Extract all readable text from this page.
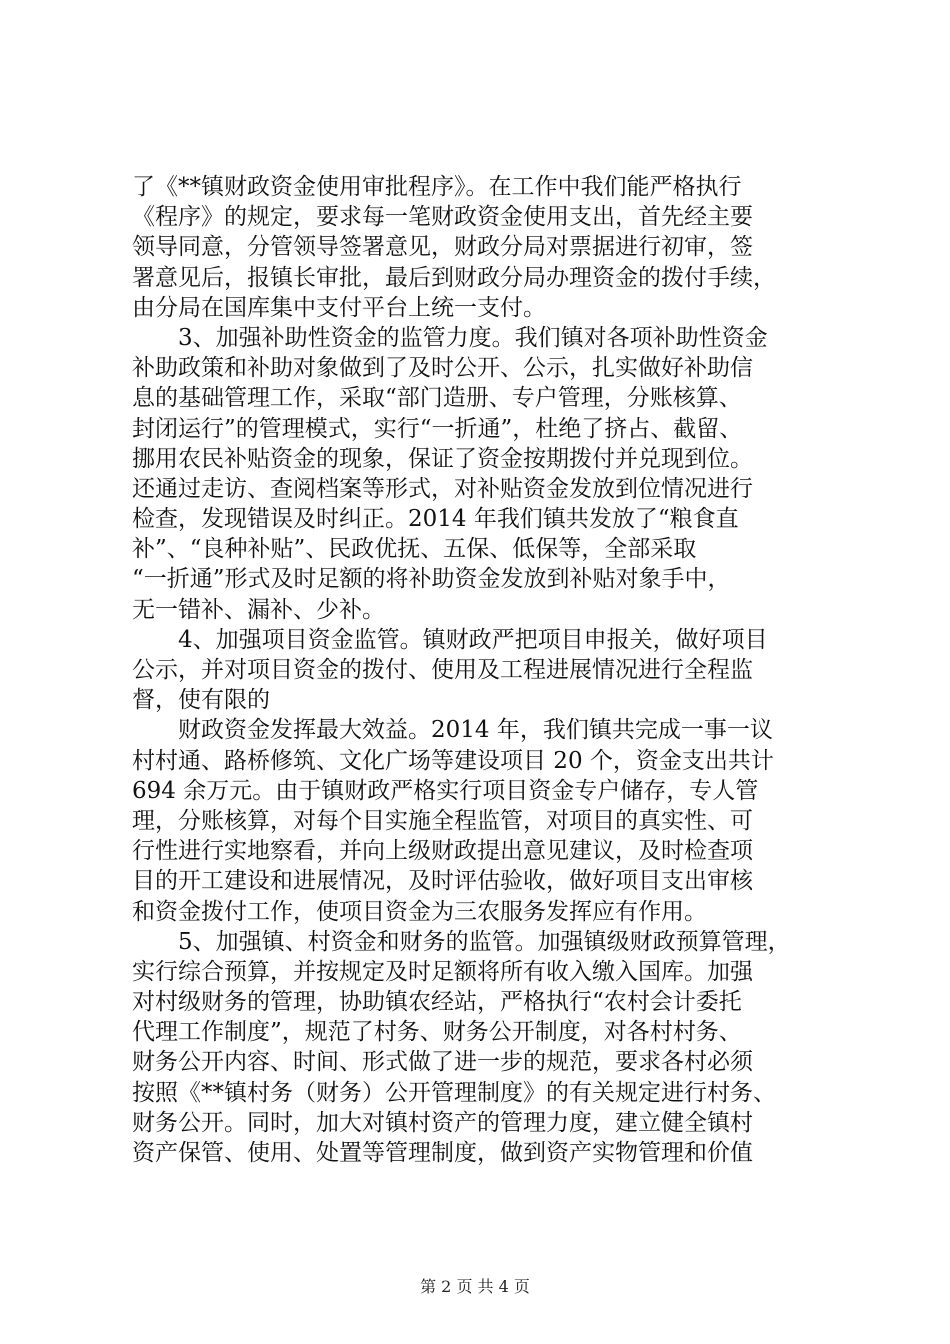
了《**镇财政资金使用审批程序》。在工作中我们能严格执行
《程序》的规定，要求每一笔财政资金使用支出，首先经主要
领导同意，分管领导签署意见，财政分局对票据进行初审，签
署意见后，报镇长审批，最后到财政分局办理资金的拨付手续，
由分局在国库集中支付平台上统一支付。
3、加强补助性资金的监管力度。我们镇对各项补助性资金
补助政策和补助对象做到了及时公开、公示，扎实做好补助信
息的基础管理工作，采取“部门造册、专户管理，分账核算、
封闭运行”的管理模式，实行“一折通”，杜绝了挤占、截留、
挪用农民补贴资金的现象，保证了资金按期拨付并兑现到位。
还通过走访、查阅档案等形式，对补贴资金发放到位情况进行
检查，发现错误及时纠正。2014 年我们镇共发放了“粮食直
补”、“良种补贴”、民政优抚、五保、低保等，全部采取
“一折通”形式及时足额的将补助资金发放到补贴对象手中，
无一错补、漏补、少补。
4、加强项目资金监管。镇财政严把项目申报关，做好项目
公示，并对项目资金的拨付、使用及工程进展情况进行全程监
督，使有限的
财政资金发挥最大效益。2014 年，我们镇共完成一事一议
村村通、路桥修筑、文化广场等建设项目 20 个，资金支出共计
694 余万元。由于镇财政严格实行项目资金专户储存，专人管
理，分账核算，对每个目实施全程监管，对项目的真实性、可
行性进行实地察看，并向上级财政提出意见建议，及时检查项
目的开工建设和进展情况，及时评估验收，做好项目支出审核
和资金拨付工作，使项目资金为三农服务发挥应有作用。
5、加强镇、村资金和财务的监管。加强镇级财政预算管理，
实行综合预算，并按规定及时足额将所有收入缴入国库。加强
对村级财务的管理，协助镇农经站，严格执行“农村会计委托
代理工作制度”，规范了村务、财务公开制度，对各村村务、
财务公开内容、时间、形式做了进一步的规范，要求各村必须
按照《**镇村务（财务）公开管理制度》的有关规定进行村务、
财务公开。同时，加大对镇村资产的管理力度，建立健全镇村
资产保管、使用、处置等管理制度，做到资产实物管理和价值
第 2 页 共 4 页
